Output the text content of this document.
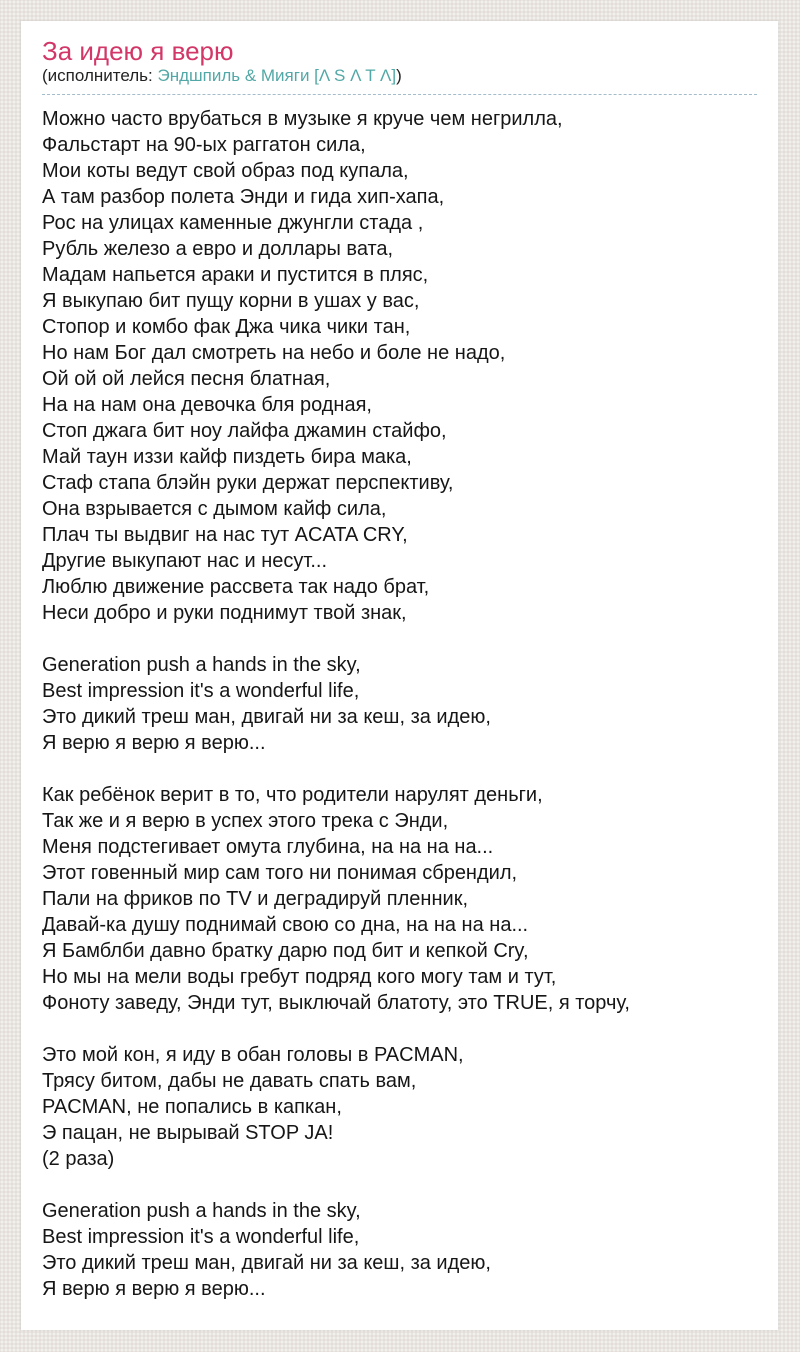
За идею я верю
(исполнитель: Эндшпиль & Мияги [Λ S Λ T Λ])
Можно часто врубаться в музыке я круче чем негрилла,
Фальстарт на 90-ых раггатон сила,
Мои коты ведут свой образ под купала,
А там разбор полета Энди и гида хип-хапа,
Рос на улицах каменные джунгли стада ,
Рубль железо а евро и доллары вата,
Мадам напьется араки и пустится в пляс,
Я выкупаю бит пущу корни в ушах у вас,
Стопор и комбо фак Джа чика чики тан,
Но нам Бог дал смотреть на небо и боле не надо,
Ой ой ой лейся песня блатная,
На на нам она девочка бля родная,
Стоп джага бит ноу лайфа джамин стайфо,
Май таун иззи кайф пиздеть бира мака,
Стаф стапа блэйн руки держат перспективу,
Она взрывается с дымом кайф сила,
Плач ты выдвиг на нас тут ACATA CRY,
Другие выкупают нас и несут...
Люблю движение рассвета так надо брат,
Неси добро и руки поднимут твой знак,
Generation push a hands in the sky,
Best impression it's a wonderful life,
Это дикий треш ман, двигай ни за кеш, за идею,
Я верю я верю я верю...
Как ребёнок верит в то, что родители нарулят деньги,
Так же и я верю в успех этого трека с Энди,
Меня подстегивает омута глубина, на на на на...
Этот говенный мир сам того ни понимая сбрендил,
Пали на фриков по TV и деградируй пленник,
Давай-ка душу поднимай свою со дна, на на на на...
Я Бамблби давно братку дарю под бит и кепкой Cry,
Но мы на мели воды гребут подряд кого могу там и тут,
Фоноту заведу, Энди тут, выключай блатоту, это TRUE, я торчу,
Это мой кон, я иду в обан головы в PACMAN,
Трясу битом, дабы не давать спать вам,
PACMAN, не попались в капкан,
Э пацан, не вырывай STOP JA!
(2 раза)
Generation push a hands in the sky,
Best impression it's a wonderful life,
Это дикий треш ман, двигай ни за кеш, за идею,
Я верю я верю я верю...
